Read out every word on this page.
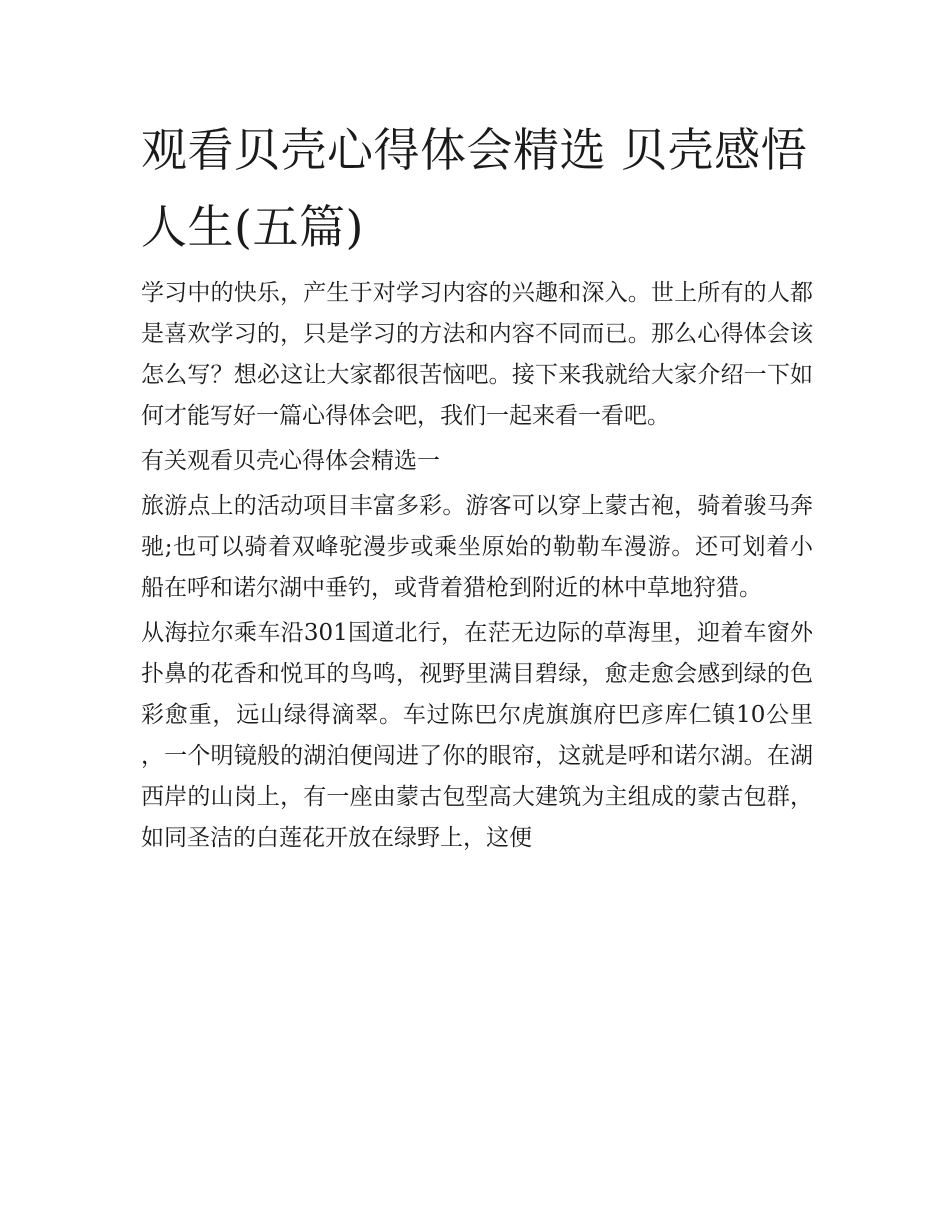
观看贝壳心得体会精选 贝壳感悟人生(五篇)

学习中的快乐，产生于对学习内容的兴趣和深入。世上所有的人都是喜欢学习的，只是学习的方法和内容不同而已。那么心得体会该怎么写？想必这让大家都很苦恼吧。接下来我就给大家介绍一下如何才能写好一篇心得体会吧，我们一起来看一看吧。

有关观看贝壳心得体会精选一

旅游点上的活动项目丰富多彩。游客可以穿上蒙古袍，骑着骏马奔驰;也可以骑着双峰驼漫步或乘坐原始的勒勒车漫游。还可划着小船在呼和诺尔湖中垂钓，或背着猎枪到附近的林中草地狩猎。

从海拉尔乘车沿301国道北行，在茫无边际的草海里，迎着车窗外扑鼻的花香和悦耳的鸟鸣，视野里满目碧绿，愈走愈会感到绿的色彩愈重，远山绿得滴翠。车过陈巴尔虎旗旗府巴彦库仁镇10公里，一个明镜般的湖泊便闯进了你的眼帘，这就是呼和诺尔湖。在湖西岸的山岗上，有一座由蒙古包型高大建筑为主组成的蒙古包群，如同圣洁的白莲花开放在绿野上，这便
